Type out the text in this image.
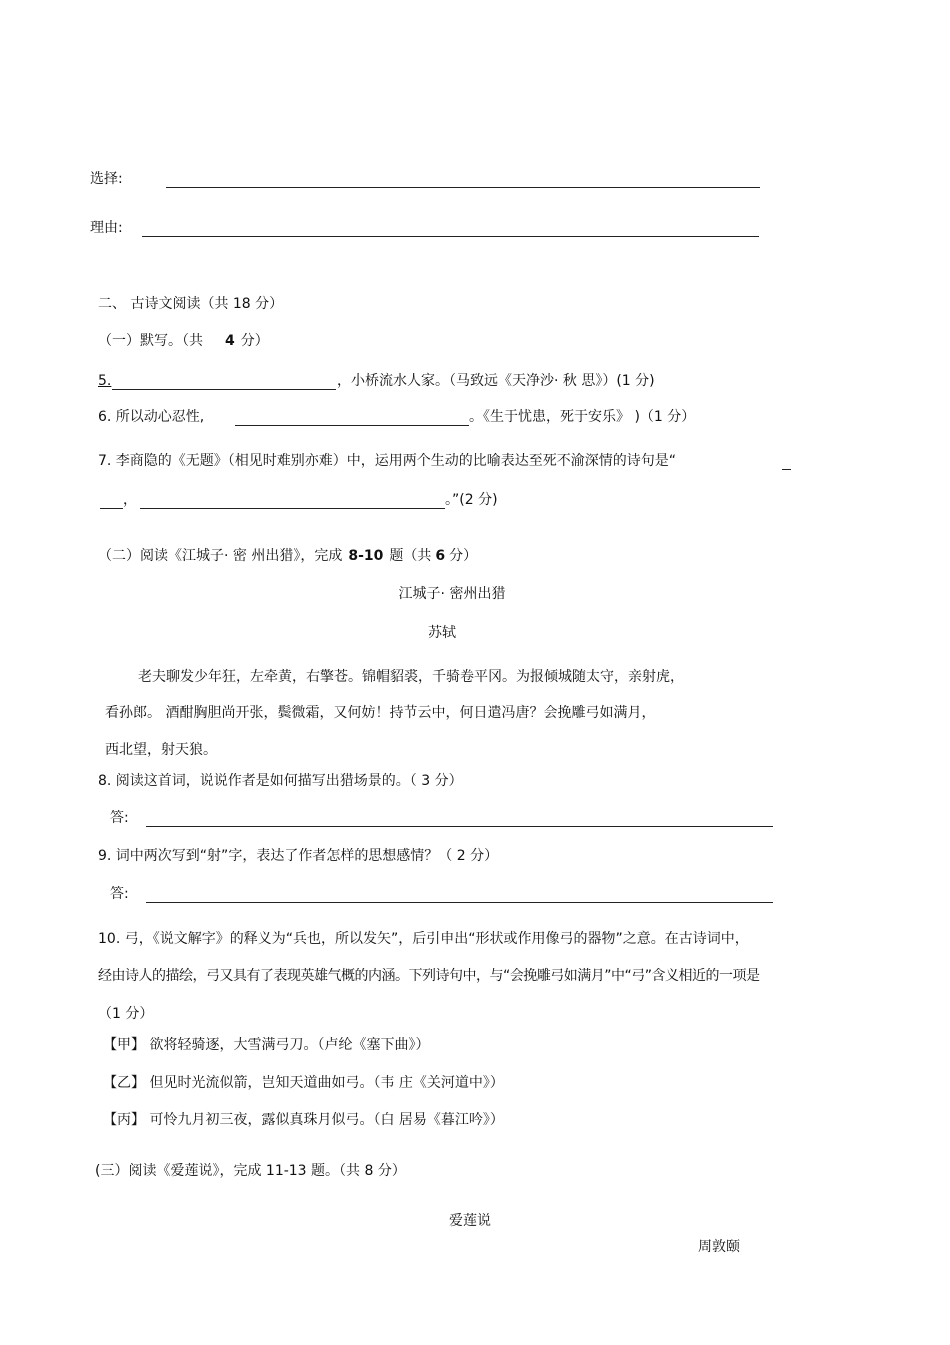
选择:
理由:
二、 古诗文阅读（共 18 分）
（一）默写。（共 4 分）
5.	，小桥流水人家。（马致远《天净沙· 秋 思》）(1 分)
6. 所以动心忍性,	。《生于忧患，死于安乐》 )（1 分）
7. 李商隐的《无题》（相见时难别亦难）中，运用两个生动的比喻表达至死不渝深情的诗句是“
，	。”(2 分)
（二）阅读《江城子· 密 州出猎》，完成 8-10 题（共 6 分）
江城子· 密州出猎
苏轼
老夫聊发少年狂，左牵黄，右擎苍。锦帽貂裘，千骑卷平冈。为报倾城随太守，亲射虎，
看孙郎。 酒酣胸胆尚开张，鬓微霜，又何妨！持节云中，何日遣冯唐？会挽雕弓如满月，
西北望，射天狼。
8. 阅读这首词，说说作者是如何描写出猎场景的。（ 3 分）
答:
9. 词中两次写到“射”字，表达了作者怎样的思想感情？（ 2 分）
答:
10. 弓，《说文解字》的释义为“兵也，所以发矢”，后引申出“形状或作用像弓的器物”之意。在古诗词中，
经由诗人的描绘，弓又具有了表现英雄气概的内涵。下列诗句中，与“会挽雕弓如满月”中“弓”含义相近的一项是
（1 分）
【甲】 欲将轻骑逐，大雪满弓刀。（卢纶《塞下曲》）
【乙】 但见时光流似箭，岂知天道曲如弓。（韦 庄《关河道中》）
【丙】 可怜九月初三夜，露似真珠月似弓。（白 居易《暮江吟》）
(三）阅读《爱莲说》，完成 11-13 题。（共 8 分）
爱莲说
周敦颐
